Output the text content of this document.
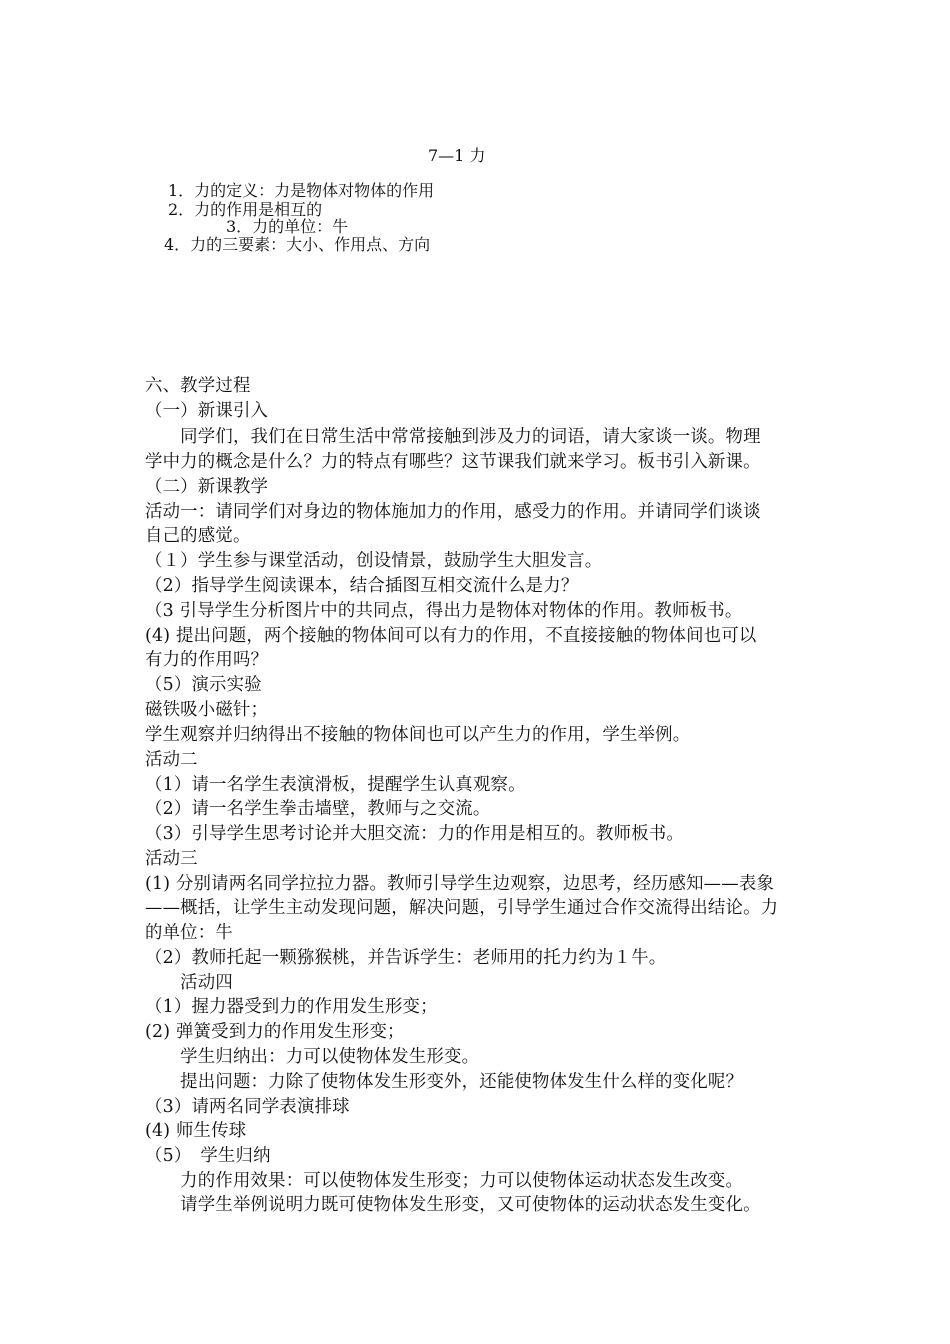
7—1 力
1．力的定义：力是物体对物体的作用
2．力的作用是相互的
3．力的单位：牛
4．力的三要素：大小、作用点、方向
六、教学过程
（一）新课引入
　　同学们，我们在日常生活中常常接触到涉及力的词语，请大家谈一谈。物理
学中力的概念是什么？力的特点有哪些？这节课我们就来学习。板书引入新课。
（二）新课教学
活动一：请同学们对身边的物体施加力的作用，感受力的作用。并请同学们谈谈
自己的感觉。
（１）学生参与课堂活动，创设情景，鼓励学生大胆发言。
（2）指导学生阅读课本，结合插图互相交流什么是力？
（3 引导学生分析图片中的共同点，得出力是物体对物体的作用。教师板书。
(4) 提出问题，两个接触的物体间可以有力的作用，不直接接触的物体间也可以
有力的作用吗？
（5）演示实验
磁铁吸小磁针；
学生观察并归纳得出不接触的物体间也可以产生力的作用，学生举例。
活动二
（1）请一名学生表演滑板，提醒学生认真观察。
（2）请一名学生拳击墙壁，教师与之交流。
（3）引导学生思考讨论并大胆交流：力的作用是相互的。教师板书。
活动三
(1) 分别请两名同学拉拉力器。教师引导学生边观察，边思考，经历感知——表象
——概括，让学生主动发现问题，解决问题，引导学生通过合作交流得出结论。力
的单位：牛
（2）教师托起一颗猕猴桃，并告诉学生：老师用的托力约为１牛。
　　活动四
（1）握力器受到力的作用发生形变；
(2) 弹簧受到力的作用发生形变；
　　学生归纳出：力可以使物体发生形变。
　　提出问题：力除了使物体发生形变外，还能使物体发生什么样的变化呢？
（3）请两名同学表演排球
(4) 师生传球
（5）　学生归纳
　　力的作用效果：可以使物体发生形变；力可以使物体运动状态发生改变。
　　请学生举例说明力既可使物体发生形变，又可使物体的运动状态发生变化。
